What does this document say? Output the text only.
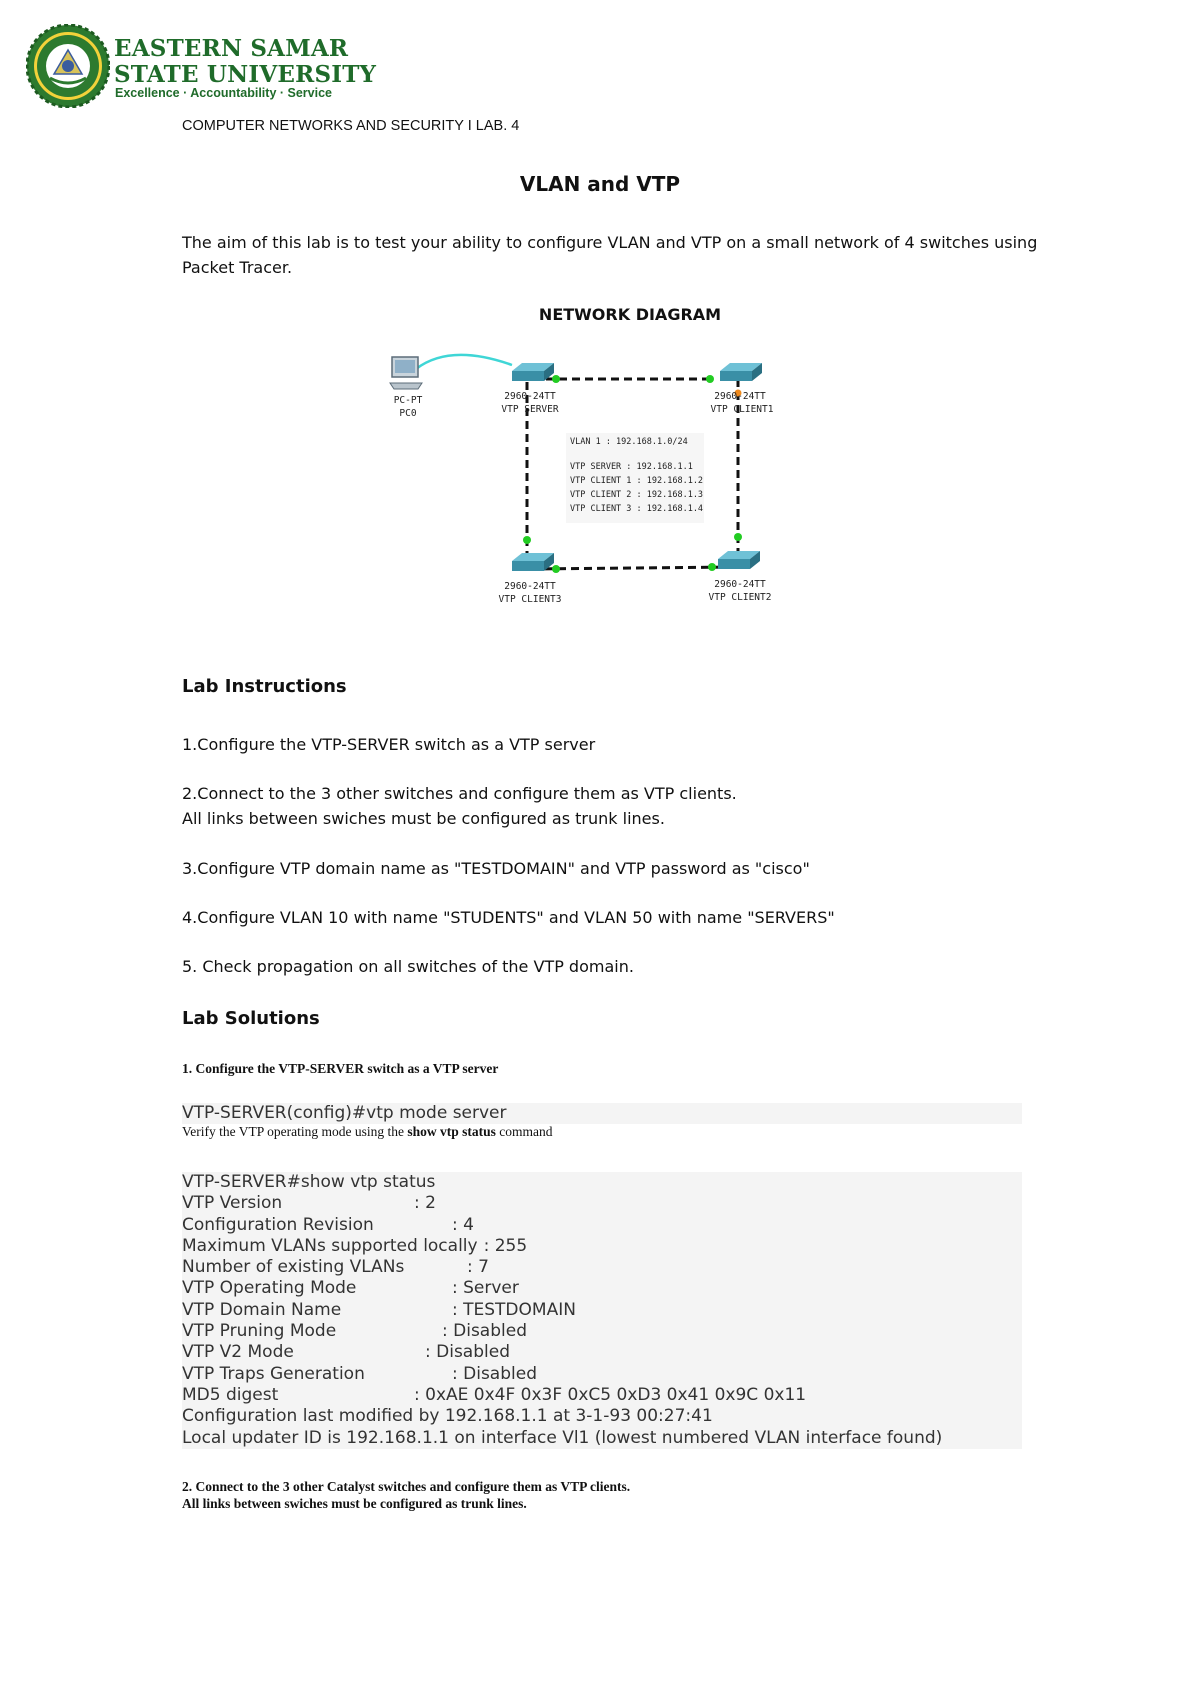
EASTERN SAMAR
STATE UNIVERSITY
Excellence · Accountability · Service
COMPUTER NETWORKS AND SECURITY I LAB. 4
VLAN and VTP
The aim of this lab is to test your ability to configure VLAN and VTP on a small network of 4 switches using Packet Tracer.
NETWORK DIAGRAM
PC-PT
PC0
2960-24TT
VTP SERVER
2960-24TT
VTP CLIENT1
2960-24TT
VTP CLIENT2
2960-24TT
VTP CLIENT3
VLAN 1 : 192.168.1.0/24
VTP SERVER : 192.168.1.1
VTP CLIENT 1 : 192.168.1.2
VTP CLIENT 2 : 192.168.1.3
VTP CLIENT 3 : 192.168.1.4
Lab Instructions
1.Configure the VTP-SERVER switch as a VTP server
2.Connect to the 3 other switches and configure them as VTP clients.
All links between swiches must be configured as trunk lines.
3.Configure VTP domain name as "TESTDOMAIN" and VTP password as "cisco"
4.Configure VLAN 10 with name "STUDENTS" and VLAN 50 with name "SERVERS"
5. Check propagation on all switches of the VTP domain.
Lab Solutions
1. Configure the VTP-SERVER switch as a VTP server
VTP-SERVER(config)#vtp mode server
Verify the VTP operating mode using the show vtp status command
VTP-SERVER#show vtp status
VTP Version	: 2
Configuration Revision	: 4
Maximum VLANs supported locally : 255
Number of existing VLANs	: 7
VTP Operating Mode	: Server
VTP Domain Name	: TESTDOMAIN
VTP Pruning Mode	: Disabled
VTP V2 Mode	: Disabled
VTP Traps Generation	: Disabled
MD5 digest	: 0xAE 0x4F 0x3F 0xC5 0xD3 0x41 0x9C 0x11
Configuration last modified by 192.168.1.1 at 3-1-93 00:27:41
Local updater ID is 192.168.1.1 on interface Vl1 (lowest numbered VLAN interface found)
2. Connect to the 3 other Catalyst switches and configure them as VTP clients.
All links between swiches must be configured as trunk lines.
